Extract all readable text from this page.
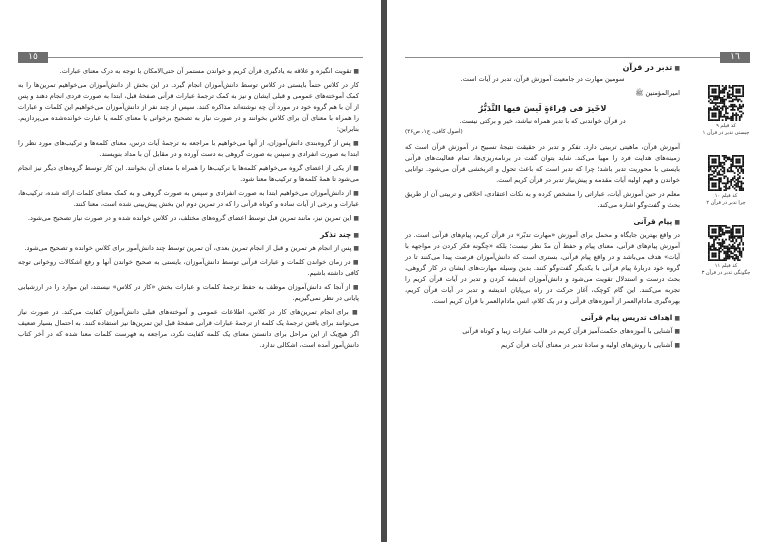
١٥
■ تقویت انگیزه و علاقه به یادگیری قرآن کریم و خواندن مستمر آن حتی‌الامکان با توجه به درک معنای عبارات.
کار در کلاس حتماً بایستی در کلاس توسط دانش‌آموزان انجام گیرد. در این بخش از دانش‌آموزان می‌خواهیم تمرین‌ها را به کمک آموخته‌های عمومی و قبلی ایشان و نیز به کمک ترجمهٔ عبارات قرآنی صفحهٔ قبل، ابتدا به صورت فردی انجام دهند و پس از آن با هم گروه خود در مورد آن چه نوشته‌اند مذاکره کنند. سپس از چند نفر از دانش‌آموزان می‌خواهیم این کلمات و عبارات را همراه با معنای آن برای کلاس بخوانند و در صورت نیاز به تصحیح برخوانی یا معنای کلمه یا عبارت خوانده‌شده می‌پردازیم. بنابراین:
■ پس از گروه‌بندی دانش‌آموزان، از آنها می‌خواهیم با مراجعه به ترجمهٔ آیات درس، معنای کلمه‌ها و ترکیب‌های مورد نظر را ابتدا به صورت انفرادی و سپس به صورت گروهی به دست آورده و در مقابل آن با مداد بنویسند.
■ از یکی از اعضای گروه می‌خواهیم کلمه‌ها یا ترکیب‌ها را همراه با معنای آن بخوانند. این کار توسط گروه‌های دیگر نیز انجام می‌شود تا همهٔ کلمه‌ها و ترکیب‌ها معنا شود.
■ از دانش‌آموزان می‌خواهیم ابتدا به صورت انفرادی و سپس به صورت گروهی و به کمک معنای کلمات ارائه شده، ترکیب‌ها، عبارات و برخی از آیات ساده و کوتاه قرآنی را که در تمرین دوم این بخش پیش‌بینی شده است، معنا کنند.
■ این تمرین نیز، مانند تمرین قبل توسط اعضای گروه‌های مختلف، در کلاس خوانده شده و در صورت نیاز تصحیح می‌شود.
■ چند تذکر
■ پس از انجام هر تمرین و قبل از انجام تمرین بعدی، آن تمرین توسط چند دانش‌آموز برای کلاس خوانده و تصحیح می‌شود.
■ در زمان خواندن کلمات و عبارات قرآنی توسط دانش‌آموزان، بایستی به صحیح خواندن آنها و رفع اشکالات روخوانی توجه کافی داشته باشیم.
■ از آنجا که دانش‌آموزان موظف به حفظ ترجمهٔ کلمات و عبارات بخش «کار در کلاس» نیستند، این موارد را در ارزشیابی پایانی در نظر نمی‌گیریم.
■ برای انجام تمرین‌های کار در کلاس، اطلاعات عمومی و آموخته‌های قبلی دانش‌آموزان کفایت می‌کند. در صورت نیاز می‌توانند برای یافتن ترجمهٔ یک کلمه از ترجمهٔ عبارات قرآنی صفحهٔ قبل این تمرین‌ها نیز استفاده کنند. به احتمال بسیار ضعیف اگر هیچ‌یک از این مراحل برای دانستن معنای یک کلمه کفایت نکرد، مراجعه به فهرست کلمات معنا شده که در آخر کتاب دانش‌آموز آمده است، اشکالی ندارد.
١٦
■ تدبر در قرآن
سومین مهارت در جامعیت آموزش قرآن، تدبر در آیات است.
امیرالمؤمنین ﷺ
لاخَیرَ فی قِراءَةٍ لَیسَ فیها التَّدَبُّرُ
در قرآن خواندنی که با تدبر همراه نباشد، خیر و برکتی نیست.
(اصول کافی، ج۱، ص۳۶)
آموزش قرآن، ماهیتی تربیتی دارد. تفکر و تدبر در حقیقت نتیجهٔ تسبیح در آموزش قرآن است که زمینه‌های هدایت فرد را مهیا می‌کند. شاید بتوان گفت در برنامه‌ریزی‌ها، تمام فعالیت‌های قرآنی بایستی با محوریت تدبر باشد؛ چرا که تدبر است که باعث تحول و اثربخشی قرآن می‌شود. توانایی خواندن و فهم اولیه آیات مقدمه و پیش‌نیاز تدبر در قرآن کریم است.
معلم در حین آموزش آیات، عباراتی را مشخص کرده و به نکات اعتقادی، اخلاقی و تربیتی آن از طریق بحث و گفت‌وگو اشاره می‌کند.
■ پیام قرآنی
در واقع بهترین جایگاه و محمل برای آموزش «مهارت تدبّر» در قرآن کریم، پیام‌های قرآنی است. در آموزش پیام‌های قرآنی، معنای پیام و حفظ آن مدّ نظر نیست؛ بلکه «چگونه فکر کردن در مواجهه با آیات» هدف می‌باشد و در واقع پیام قرآنی، بستری است که دانش‌آموزان فرصت پیدا می‌کنند تا در گروه خود دربارهٔ پیام قرآنی با یکدیگر گفت‌وگو کنند. بدین وسیله مهارت‌های ایشان در کار گروهی، بحث درست و استدلال تقویت می‌شود و دانش‌آموزان اندیشه کردن و تدبر در آیات قرآن کریم را تجربه می‌کنند. این گام کوچک، آغاز حرکت در راه بی‌پایان اندیشه و تدبر در آیات قرآن کریم، بهره‌گیری مادام‌العمر از آموزه‌های قرآنی و در یک کلام، انس مادام‌العمر با قرآن کریم است.
■ اهداف تدریس پیام قرآنی
■ آشنایی با آموزه‌های حکمت‌آمیز قرآن کریم در قالب عبارات زیبا و کوتاه قرآنی
■ آشنایی با روش‌های اولیه و سادهٔ تدبر در معنای آیات قرآن کریم
کد فیلم ۹
چیستی تدبر در قرآن ۱
کد فیلم ۱۰
چرا تدبر در قرآن ۲
کد فیلم ۱۱
چگونگی تدبر در قرآن ۳
